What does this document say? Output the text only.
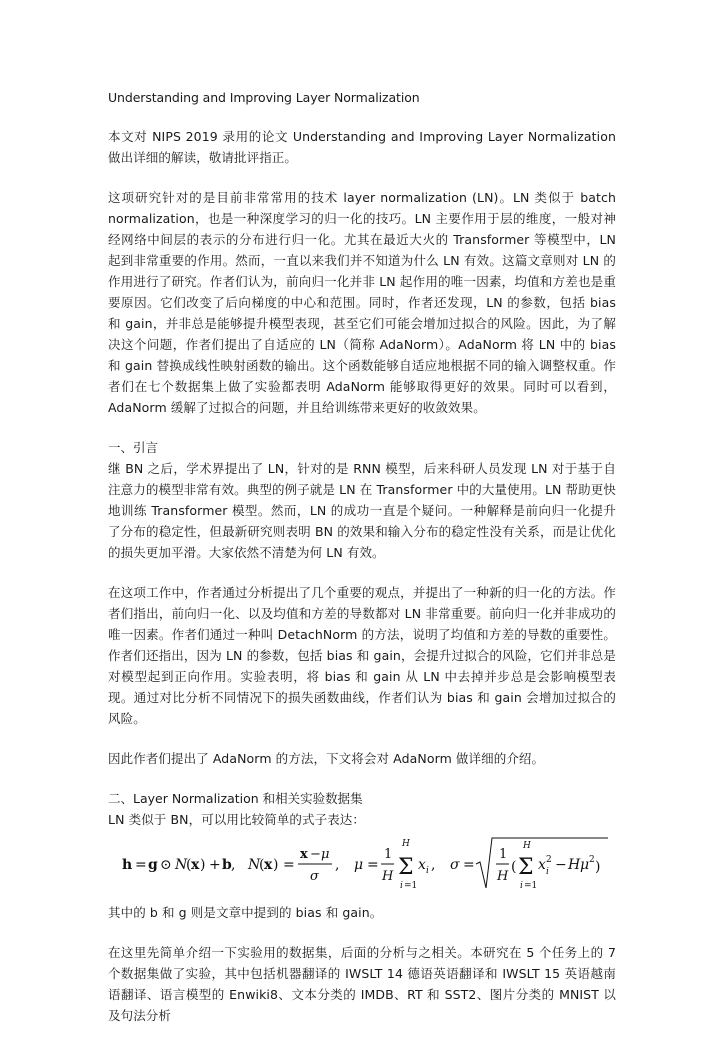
Understanding and Improving Layer Normalization

本文对 NIPS 2019 录用的论文 Understanding and Improving Layer Normalization 做出详细的解读，敬请批评指正。

这项研究针对的是目前非常常用的技术 layer normalization (LN)。LN 类似于 batch normalization，也是一种深度学习的归一化的技巧。LN 主要作用于层的维度，一般对神经网络中间层的表示的分布进行归一化。尤其在最近大火的 Transformer 等模型中，LN 起到非常重要的作用。然而，一直以来我们并不知道为什么 LN 有效。这篇文章则对 LN 的作用进行了研究。作者们认为，前向归一化并非 LN 起作用的唯一因素，均值和方差也是重要原因。它们改变了后向梯度的中心和范围。同时，作者还发现，LN 的参数，包括 bias 和 gain，并非总是能够提升模型表现，甚至它们可能会增加过拟合的风险。因此，为了解决这个问题，作者们提出了自适应的 LN（简称 AdaNorm）。AdaNorm 将 LN 中的 bias 和 gain 替换成线性映射函数的输出。这个函数能够自适应地根据不同的输入调整权重。作者们在七个数据集上做了实验都表明 AdaNorm 能够取得更好的效果。同时可以看到，AdaNorm 缓解了过拟合的问题，并且给训练带来更好的收敛效果。

一、引言

继 BN 之后，学术界提出了 LN，针对的是 RNN 模型，后来科研人员发现 LN 对于基于自注意力的模型非常有效。典型的例子就是 LN 在 Transformer 中的大量使用。LN 帮助更快地训练 Transformer 模型。然而，LN 的成功一直是个疑问。一种解释是前向归一化提升了分布的稳定性，但最新研究则表明 BN 的效果和输入分布的稳定性没有关系，而是让优化的损失更加平滑。大家依然不清楚为何 LN 有效。

在这项工作中，作者通过分析提出了几个重要的观点，并提出了一种新的归一化的方法。作者们指出，前向归一化、以及均值和方差的导数都对 LN 非常重要。前向归一化并非成功的唯一因素。作者们通过一种叫 DetachNorm 的方法，说明了均值和方差的导数的重要性。作者们还指出，因为 LN 的参数，包括 bias 和 gain，会提升过拟合的风险，它们并非总是对模型起到正向作用。实验表明，将 bias 和 gain 从 LN 中去掉并步总是会影响模型表现。通过对比分析不同情况下的损失函数曲线，作者们认为 bias 和 gain 会增加过拟合的风险。

因此作者们提出了 AdaNorm 的方法，下文将会对 AdaNorm 做详细的介绍。

二、Layer Normalization 和相关实验数据集

LN 类似于 BN，可以用比较简单的式子表达：

h = g ⊙ N
( x ) + b , N
( x ) =
x − μ
σ
, μ =
1
H
H
Σ
i =1
x i , σ =
1
H
(
H
Σ
i =1
x 2
i − H μ 2 )

其中的 b 和 g 则是文章中提到的 bias 和 gain。

在这里先简单介绍一下实验用的数据集，后面的分析与之相关。本研究在 5 个任务上的 7 个数据集做了实验，其中包括机器翻译的 IWSLT 14 德语英语翻译和 IWSLT 15 英语越南语翻译、语言模型的 Enwiki8、文本分类的 IMDB、RT 和 SST2、图片分类的 MNIST 以及句法分析
